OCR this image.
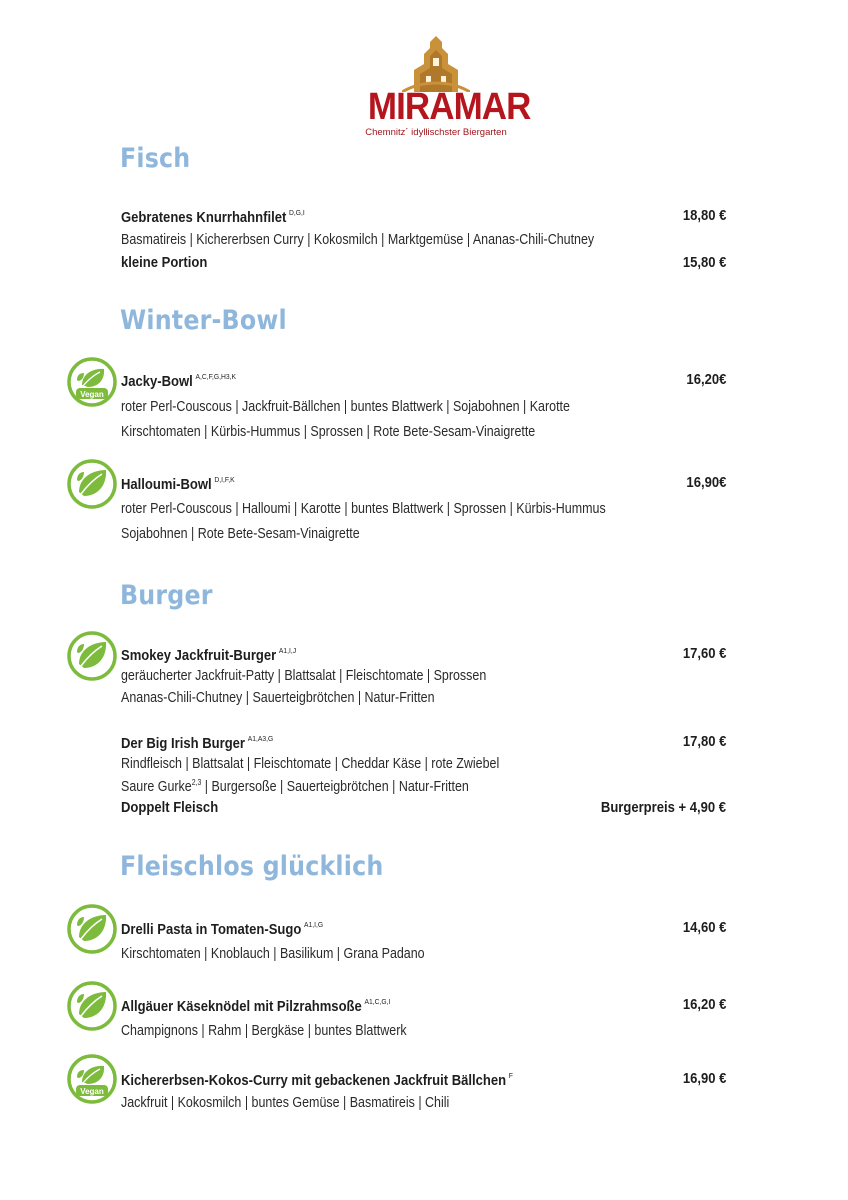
MIRAMAR
Chemnitz´ idyllischster Biergarten
Fisch
Gebratenes Knurrhahnfilet $^{D,G,I}$	18,80 €
Basmatireis | Kichererbsen Curry | Kokosmilch | Marktgemüse | Ananas-Chili-Chutney
kleine Portion	15,80 €
Winter-Bowl
Vegan
Jacky-Bowl $^{A,C,F,G,H3,K}$	16,20€
roter Perl-Couscous | Jackfruit-Bällchen | buntes Blattwerk | Sojabohnen | Karotte
Kirschtomaten | Kürbis-Hummus | Sprossen | Rote Bete-Sesam-Vinaigrette
Halloumi-Bowl $^{D,I,F,K}$	16,90€
roter Perl-Couscous | Halloumi | Karotte | buntes Blattwerk | Sprossen | Kürbis-Hummus
Sojabohnen | Rote Bete-Sesam-Vinaigrette
Burger
Smokey Jackfruit-Burger $^{A1,I,J}$	17,60 €
geräucherter Jackfruit-Patty | Blattsalat | Fleischtomate | Sprossen
Ananas-Chili-Chutney | Sauerteigbrötchen | Natur-Fritten
Der Big Irish Burger $^{A1,A3,G}$	17,80 €
Rindfleisch | Blattsalat | Fleischtomate | Cheddar Käse | rote Zwiebel
Saure Gurke$^{2,3}$ | Burgersoße | Sauerteigbrötchen | Natur-Fritten
Doppelt Fleisch	Burgerpreis + 4,90 €
Fleischlos glücklich
Drelli Pasta in Tomaten-Sugo $^{A1,I,G}$	14,60 €
Kirschtomaten | Knoblauch | Basilikum | Grana Padano
Allgäuer Käseknödel mit Pilzrahmsoße $^{A1,C,G,I}$	16,20 €
Champignons | Rahm | Bergkäse | buntes Blattwerk
Vegan
Kichererbsen-Kokos-Curry mit gebackenen Jackfruit Bällchen $^F$	16,90 €
Jackfruit | Kokosmilch | buntes Gemüse | Basmatireis | Chili
